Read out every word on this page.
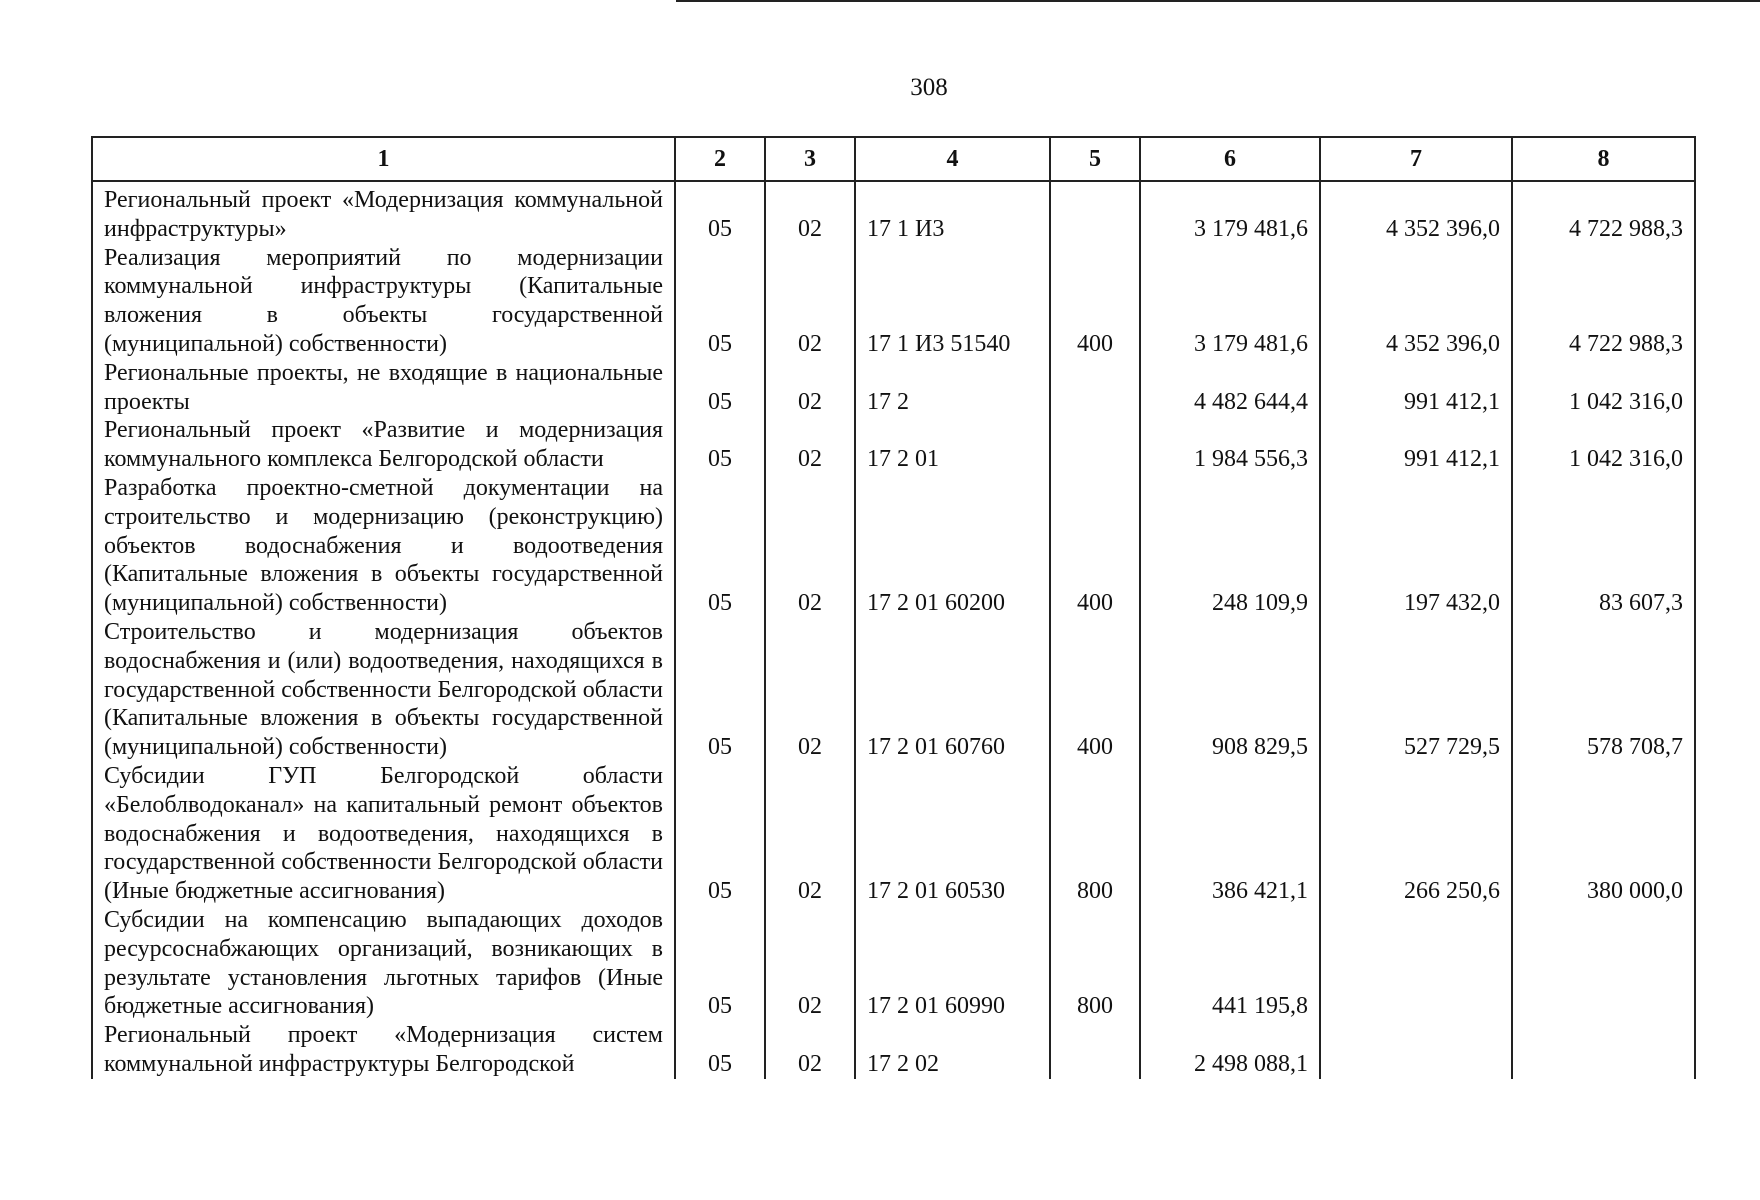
308
1	2	3	4	5	6	7	8
Региональный проект «Модернизация коммунальной инфраструктуры»	05	02	17 1 И3		3 179 481,6	4 352 396,0	4 722 988,3
Реализация мероприятий по модернизации коммунальной инфраструктуры (Капитальные вложения в объекты государственной (муниципальной) собственности)	05	02	17 1 И3 51540	400	3 179 481,6	4 352 396,0	4 722 988,3
Региональные проекты, не входящие в национальные проекты	05	02	17 2		4 482 644,4	991 412,1	1 042 316,0
Региональный проект «Развитие и модернизация коммунального комплекса Белгородской области	05	02	17 2 01		1 984 556,3	991 412,1	1 042 316,0
Разработка проектно-сметной документации на строительство и модернизацию (реконструкцию) объектов водоснабжения и водоотведения (Капитальные вложения в объекты государственной (муниципальной) собственности)	05	02	17 2 01 60200	400	248 109,9	197 432,0	83 607,3
Строительство и модернизация объектов водоснабжения и (или) водоотведения, находящихся в государственной собственности Белгородской области (Капитальные вложения в объекты государственной (муниципальной) собственности)	05	02	17 2 01 60760	400	908 829,5	527 729,5	578 708,7
Субсидии ГУП Белгородской области «Белоблводоканал» на капитальный ремонт объектов водоснабжения и водоотведения, находящихся в государственной собственности Белгородской области (Иные бюджетные ассигнования)	05	02	17 2 01 60530	800	386 421,1	266 250,6	380 000,0
Субсидии на компенсацию выпадающих доходов ресурсоснабжающих организаций, возникающих в результате установления льготных тарифов (Иные бюджетные ассигнования)	05	02	17 2 01 60990	800	441 195,8		
Региональный проект «Модернизация систем коммунальной инфраструктуры Белгородской	05	02	17 2 02		2 498 088,1		
